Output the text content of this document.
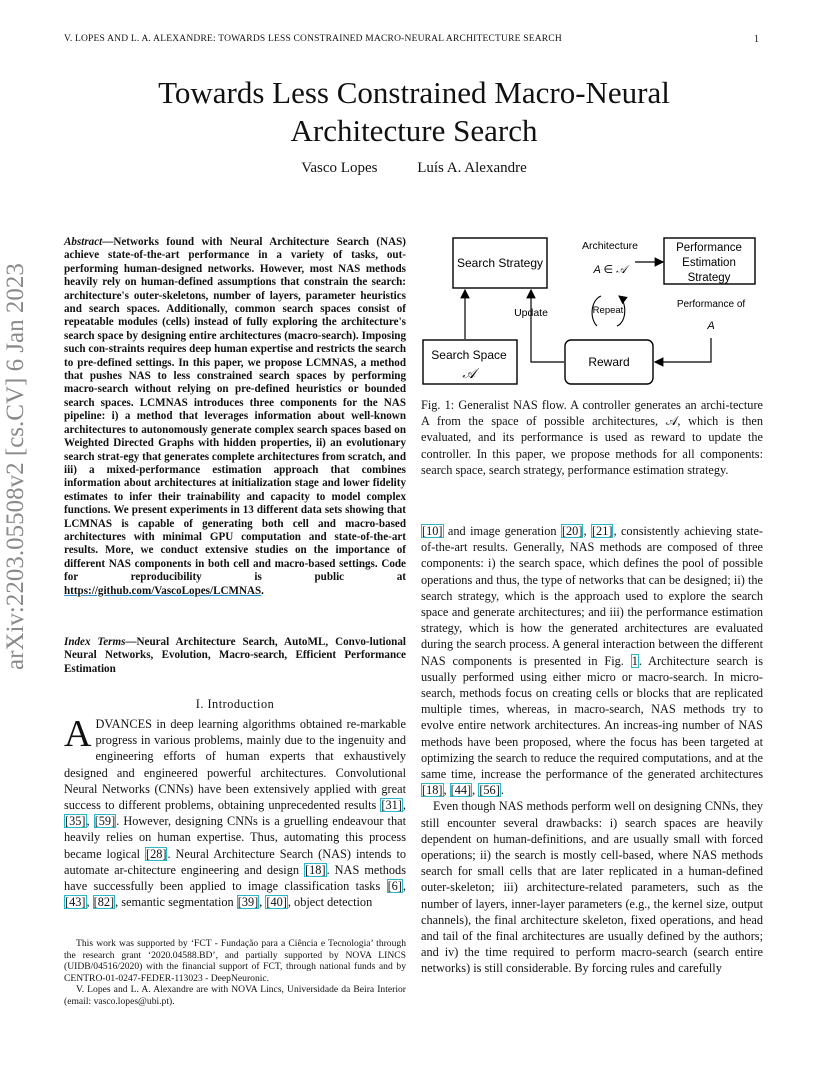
V. LOPES AND L. A. ALEXANDRE: TOWARDS LESS CONSTRAINED MACRO-NEURAL ARCHITECTURE SEARCH	1
Towards Less Constrained Macro-Neural
Architecture Search
Vasco Lopes	Luís A. Alexandre
arXiv:2203.05508v2 [cs.CV] 6 Jan 2023
Abstract—Networks found with Neural Architecture Search (NAS) achieve state-of-the-art performance in a variety of tasks, out-performing human-designed networks. However, most NAS methods heavily rely on human-defined assumptions that constrain the search: architecture's outer-skeletons, number of layers, parameter heuristics and search spaces. Additionally, common search spaces consist of repeatable modules (cells) instead of fully exploring the architecture's search space by designing entire architectures (macro-search). Imposing such con-straints requires deep human expertise and restricts the search to pre-defined settings. In this paper, we propose LCMNAS, a method that pushes NAS to less constrained search spaces by performing macro-search without relying on pre-defined heuristics or bounded search spaces. LCMNAS introduces three components for the NAS pipeline: i) a method that leverages information about well-known architectures to autonomously generate complex search spaces based on Weighted Directed Graphs with hidden properties, ii) an evolutionary search strat-egy that generates complete architectures from scratch, and iii) a mixed-performance estimation approach that combines information about architectures at initialization stage and lower fidelity estimates to infer their trainability and capacity to model complex functions. We present experiments in 13 different data sets showing that LCMNAS is capable of generating both cell and macro-based architectures with minimal GPU computation and state-of-the-art results. More, we conduct extensive studies on the importance of different NAS components in both cell and macro-based settings. Code for reproducibility is public at https://github.com/VascoLopes/LCMNAS.
Index Terms—Neural Architecture Search, AutoML, Convo-lutional Neural Networks, Evolution, Macro-search, Efficient Performance Estimation
I. Introduction
ADVANCES in deep learning algorithms obtained re-markable progress in various problems, mainly due to the ingenuity and engineering efforts of human experts that exhaustively designed and engineered powerful architectures. Convolutional Neural Networks (CNNs) have been extensively applied with great success to different problems, obtaining unprecedented results [31], [35], [59]. However, designing CNNs is a gruelling endeavour that heavily relies on human expertise. Thus, automating this process became logical [28]. Neural Architecture Search (NAS) intends to automate ar-chitecture engineering and design [18]. NAS methods have successfully been applied to image classification tasks [6], [43], [82], semantic segmentation [39], [40], object detection

This work was supported by ‘FCT - Fundação para a Ciência e Tecnologia’ through the research grant ‘2020.04588.BD’, and partially supported by NOVA LINCS (UIDB/04516/2020) with the financial support of FCT, through national funds and by CENTRO-01-0247-FEDER-113023 - DeepNeuronic.

V. Lopes and L. A. Alexandre are with NOVA Lincs, Universidade da Beira Interior (email: vasco.lopes@ubi.pt).

Search Strategy
Architecture
A ∈ 𝒜
Performance
Estimation
Strategy
Performance of
A
Update	Repeat
Reward
Search Space
𝒜
Fig. 1: Generalist NAS flow. A controller generates an archi-tecture A from the space of possible architectures, 𝒜, which is then evaluated, and its performance is used as reward to update the controller. In this paper, we propose methods for all components: search space, search strategy, performance estimation strategy.

[10] and image generation [20], [21], consistently achieving state-of-the-art results. Generally, NAS methods are composed of three components: i) the search space, which defines the pool of possible operations and thus, the type of networks that can be designed; ii) the search strategy, which is the approach used to explore the search space and generate architectures; and iii) the performance estimation strategy, which is how the generated architectures are evaluated during the search process. A general interaction between the different NAS components is presented in Fig. 1. Architecture search is usually performed using either micro or macro-search. In micro-search, methods focus on creating cells or blocks that are replicated multiple times, whereas, in macro-search, NAS methods try to evolve entire network architectures. An increas-ing number of NAS methods have been proposed, where the focus has been targeted at optimizing the search to reduce the required computations, and at the same time, increase the performance of the generated architectures [18], [44], [56].

Even though NAS methods perform well on designing CNNs, they still encounter several drawbacks: i) search spaces are heavily dependent on human-definitions, and are usually small with forced operations; ii) the search is mostly cell-based, where NAS methods search for small cells that are later replicated in a human-defined outer-skeleton; iii) architecture-related parameters, such as the number of layers, inner-layer parameters (e.g., the kernel size, output channels), the final architecture skeleton, fixed operations, and head and tail of the final architectures are usually defined by the authors; and iv) the time required to perform macro-search (search entire networks) is still considerable. By forcing rules and carefully
